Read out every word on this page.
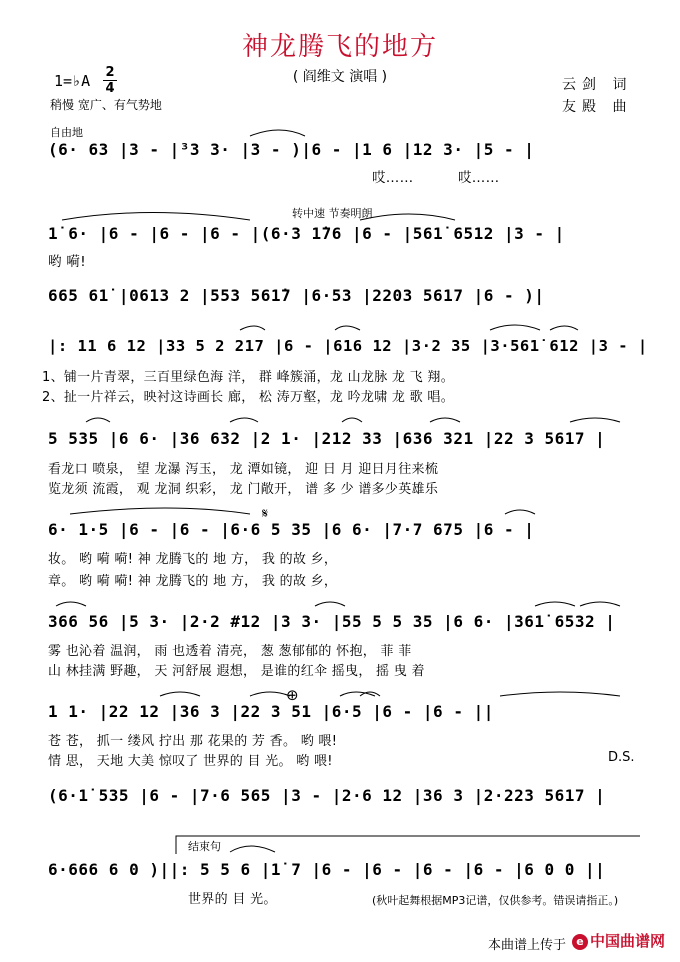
神龙腾飞的地方
( 阎维文 演唱 )
1=♭A 2
4
稍慢 宽广、有气势地
云剑 词
友殿 曲
自由地
转中速 节奏明朗
(6· 63 |3 - |³3 3· |3 - )|6 - |1 6 |12 3· |5 - |
哎…… 哎……
1̇ 6· |6 - |6 - |6 - |(6·3 1̇76 |6 - |561̇ 6512 |3 - |
哟 嗬!
665 61̇ |0613 2 |553 561̇7 |6·53 |2203 5617 |6 - )|
|: 11 6 12 |33 5 2 217 |6 - |616 12 |3·2 35 |3·561̇ 612 |3 - |
1、铺一片青翠，三百里绿色海 洋， 群 峰簇涌，龙 山龙脉 龙 飞 翔。
2、扯一片祥云，映衬这诗画长 廊， 松 涛万壑，龙 吟龙啸 龙 歌 唱。
5 535 |6 6· |36 632 |2 1· |212 33 |636 321 |22 3 5617 |
看龙口 喷泉， 望 龙瀑 泻玉， 龙 潭如镜， 迎 日 月 迎日月往来梳
览龙须 流霞， 观 龙洞 织彩， 龙 门敞开， 谱 多 少 谱多少英雄乐
6· 1·5 |6 - |6 - |6·6 5 35 |6 6· |7·7 675 |6 - |
妆。 哟 嗬 嗬! 神 龙腾飞的 地 方， 我 的故 乡，
章。 哟 嗬 嗬! 神 龙腾飞的 地 方， 我 的故 乡，
366 56 |5 3· |2·2 #12 |3 3· |55 5 5 35 |6 6· |361̇ 6532 |
雾 也沁着 温润， 雨 也透着 清亮， 葱 葱郁郁的 怀抱， 菲 菲
山 林挂满 野趣， 天 河舒展 遐想， 是谁的红伞 摇曳， 摇 曳 着
1 1· |22 12 |36 3 |22 3 51 |6·5 |6 - |6 - ||
苍 苍， 抓一 缕风 拧出 那 花果的 芳 香。 哟 喂!
情 思， 天地 大美 惊叹了 世界的 目 光。 哟 喂!	D.S.
(6·1̇ 535 |6 - |7·6 565 |3 - |2·6 12 |36 3 |2·223 5617 |
结束句
6·666 6 0 )||: 5 5 6 |1̇ 7 |6 - |6 - |6 - |6 - |6 0 0 ||
世界的 目 光。	(秋叶起舞根据MP3记谱，仅供参考。错误请指正。)
𝄋
⊕
本曲谱上传于 e 中国曲谱网
